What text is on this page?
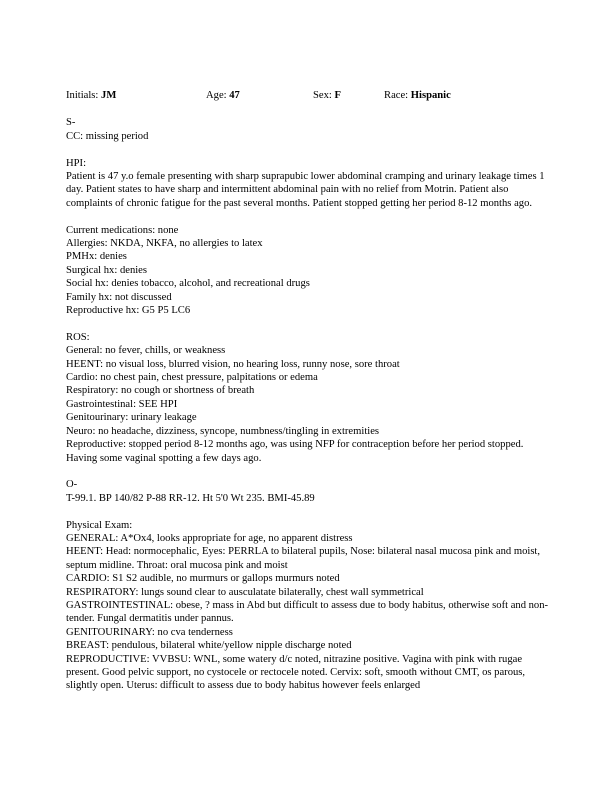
Initials: JM	Age: 47	Sex: F	Race: Hispanic
S-
CC: missing period
HPI:

Patient is 47 y.o female presenting with sharp suprapubic lower abdominal cramping and urinary leakage times 1 day. Patient states to have sharp and intermittent abdominal pain with no relief from Motrin. Patient also complaints of chronic fatigue for the past several months. Patient stopped getting her period 8-12 months ago.

Current medications: none
Allergies: NKDA, NKFA, no allergies to latex
PMHx: denies
Surgical hx: denies
Social hx: denies tobacco, alcohol, and recreational drugs
Family hx: not discussed
Reproductive hx: G5 P5 LC6
ROS:
General: no fever, chills, or weakness
HEENT: no visual loss, blurred vision, no hearing loss, runny nose, sore throat
Cardio: no chest pain, chest pressure, palpitations or edema
Respiratory: no cough or shortness of breath
Gastrointestinal: SEE HPI
Genitourinary: urinary leakage
Neuro: no headache, dizziness, syncope, numbness/tingling in extremities

Reproductive: stopped period 8-12 months ago, was using NFP for contraception before her period stopped. Having some vaginal spotting a few days ago.

O-
T-99.1. BP 140/82 P-88 RR-12. Ht 5'0 Wt 235. BMI-45.89
Physical Exam:
GENERAL: A*Ox4, looks appropriate for age, no apparent distress

HEENT: Head: normocephalic, Eyes: PERRLA to bilateral pupils, Nose: bilateral nasal mucosa pink and moist, septum midline. Throat: oral mucosa pink and moist

CARDIO: S1 S2 audible, no murmurs or gallops murmurs noted
RESPIRATORY: lungs sound clear to ausculatate bilaterally, chest wall symmetrical

GASTROINTESTINAL: obese, ? mass in Abd but difficult to assess due to body habitus, otherwise soft and non-tender. Fungal dermatitis under pannus.

GENITOURINARY: no cva tenderness
BREAST: pendulous, bilateral white/yellow nipple discharge noted

REPRODUCTIVE: VVBSU: WNL, some watery d/c noted, nitrazine positive. Vagina with pink with rugae present. Good pelvic support, no cystocele or rectocele noted. Cervix: soft, smooth without CMT, os parous, slightly open. Uterus: difficult to assess due to body habitus however feels enlarged
